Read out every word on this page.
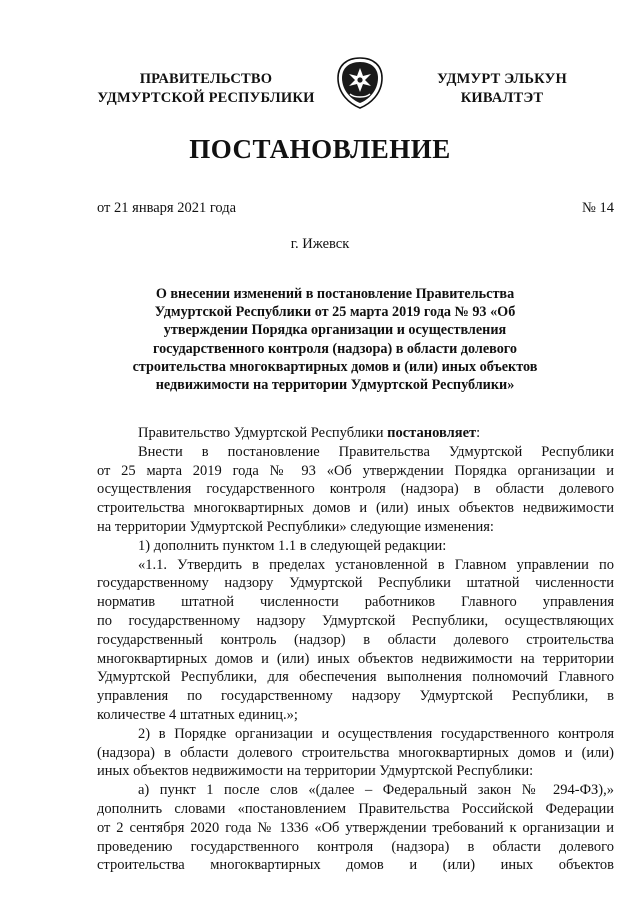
ПРАВИТЕЛЬСТВО
УДМУРТСКОЙ РЕСПУБЛИКИ
УДМУРТ ЭЛЬКУН
КИВАЛТЭТ
ПОСТАНОВЛЕНИЕ
от 21 января 2021 года	№ 14
г. Ижевск
О внесении изменений в постановление Правительства
Удмуртской Республики от 25 марта 2019 года № 93 «Об
утверждении Порядка организации и осуществления
государственного контроля (надзора) в области долевого
строительства многоквартирных домов и (или) иных объектов
недвижимости на территории Удмуртской Республики»
Правительство Удмуртской Республики постановляет:
Внести в постановление Правительства Удмуртской Республики
от 25 марта 2019 года № 93 «Об утверждении Порядка организации и
осуществления государственного контроля (надзора) в области долевого
строительства многоквартирных домов и (или) иных объектов недвижимости
на территории Удмуртской Республики» следующие изменения:
1) дополнить пунктом 1.1 в следующей редакции:
«1.1. Утвердить в пределах установленной в Главном управлении по
государственному надзору Удмуртской Республики штатной численности
норматив штатной численности работников Главного управления
по государственному надзору Удмуртской Республики, осуществляющих
государственный контроль (надзор) в области долевого строительства
многоквартирных домов и (или) иных объектов недвижимости на территории
Удмуртской Республики, для обеспечения выполнения полномочий Главного
управления по государственному надзору Удмуртской Республики, в
количестве 4 штатных единиц.»;
2) в Порядке организации и осуществления государственного контроля
(надзора) в области долевого строительства многоквартирных домов и (или)
иных объектов недвижимости на территории Удмуртской Республики:
а) пункт 1 после слов «(далее – Федеральный закон № 294-ФЗ),»
дополнить словами «постановлением Правительства Российской Федерации
от 2 сентября 2020 года № 1336 «Об утверждении требований к организации и
проведению государственного контроля (надзора) в области долевого
строительства многоквартирных домов и (или) иных объектов
